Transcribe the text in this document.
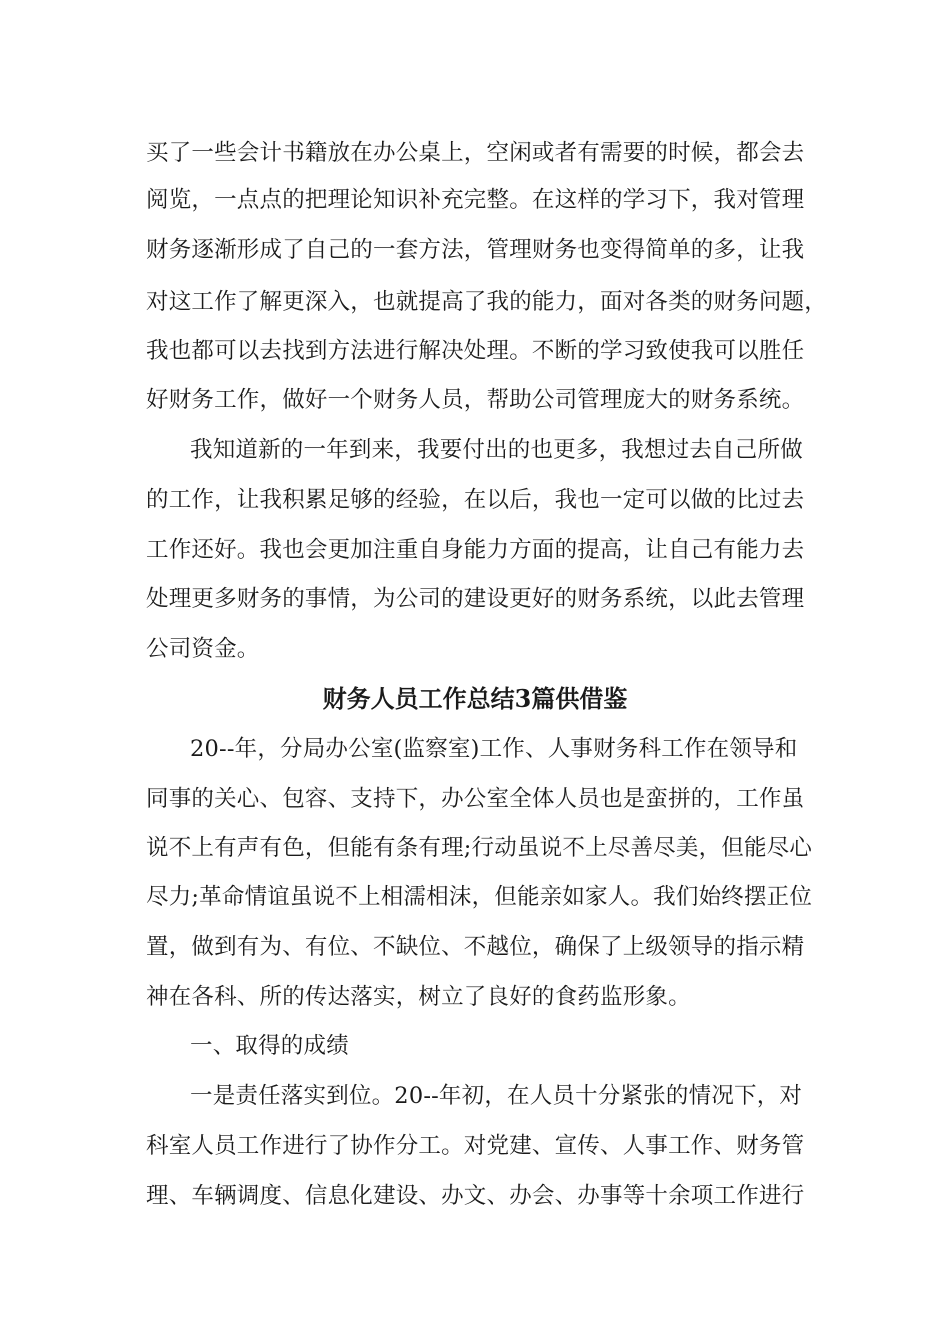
买了一些会计书籍放在办公桌上，空闲或者有需要的时候，都会去
阅览，一点点的把理论知识补充完整。在这样的学习下，我对管理
财务逐渐形成了自己的一套方法，管理财务也变得简单的多，让我
对这工作了解更深入，也就提高了我的能力，面对各类的财务问题，
我也都可以去找到方法进行解决处理。不断的学习致使我可以胜任
好财务工作，做好一个财务人员，帮助公司管理庞大的财务系统。
我知道新的一年到来，我要付出的也更多，我想过去自己所做
的工作，让我积累足够的经验，在以后，我也一定可以做的比过去
工作还好。我也会更加注重自身能力方面的提高，让自己有能力去
处理更多财务的事情，为公司的建设更好的财务系统，以此去管理
公司资金。
财务人员工作总结3篇供借鉴
20--年，分局办公室(监察室)工作、人事财务科工作在领导和
同事的关心、包容、支持下，办公室全体人员也是蛮拼的，工作虽
说不上有声有色，但能有条有理;行动虽说不上尽善尽美，但能尽心
尽力;革命情谊虽说不上相濡相沫，但能亲如家人。我们始终摆正位
置，做到有为、有位、不缺位、不越位，确保了上级领导的指示精
神在各科、所的传达落实，树立了良好的食药监形象。
一、取得的成绩
一是责任落实到位。20--年初，在人员十分紧张的情况下，对
科室人员工作进行了协作分工。对党建、宣传、人事工作、财务管
理、车辆调度、信息化建设、办文、办会、办事等十余项工作进行
